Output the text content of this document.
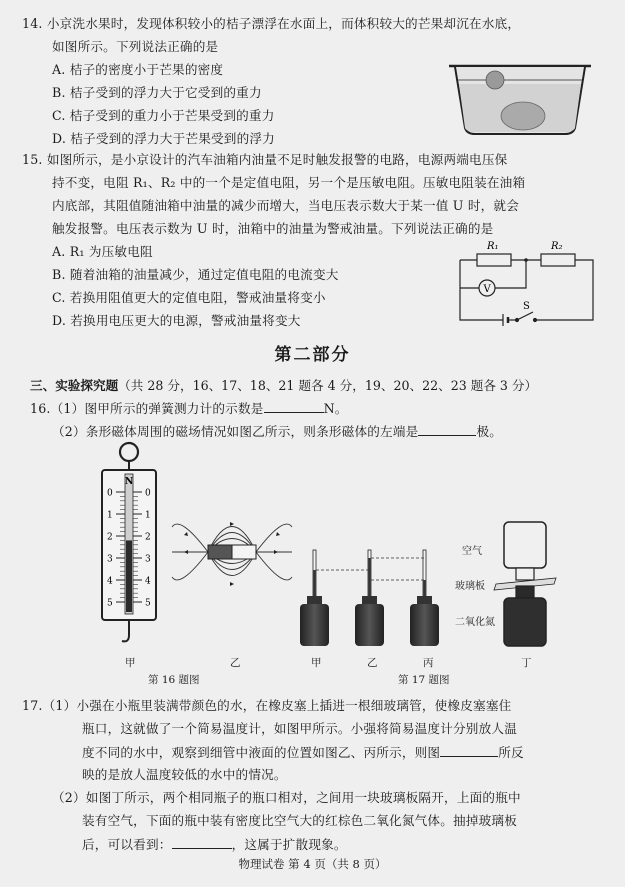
14. 小京洗水果时，发现体积较小的桔子漂浮在水面上，而体积较大的芒果却沉在水底，
如图所示。下列说法正确的是
A. 桔子的密度小于芒果的密度
B. 桔子受到的浮力大于它受到的重力
C. 桔子受到的重力小于芒果受到的重力
D. 桔子受到的浮力大于芒果受到的浮力
15. 如图所示，是小京设计的汽车油箱内油量不足时触发报警的电路，电源两端电压保
持不变，电阻 R₁、R₂ 中的一个是定值电阻，另一个是压敏电阻。压敏电阻装在油箱
内底部，其阻值随油箱中油量的减少而增大，当电压表示数大于某一值 U 时，就会
触发报警。电压表示数为 U 时，油箱中的油量为警戒油量。下列说法正确的是
A. R₁ 为压敏电阻
B. 随着油箱的油量减少，通过定值电阻的电流变大
C. 若换用阻值更大的定值电阻，警戒油量将变小
D. 若换用电压更大的电源，警戒油量将变大
R₁	R₂
V
S
第二部分
三、实验探究题（共 28 分，16、17、18、21 题各 4 分，19、20、22、23 题各 3 分）
16.（1）图甲所示的弹簧测力计的示数是	N。
（2）条形磁体周围的磁场情况如图乙所示，则条形磁体的左端是	极。
0	0
1	1
2	2
3	3
4	4
5	5
N
甲	乙
第 16 题图
甲	乙	丙
空气
玻璃板
二氧化氮
丁
第 17 题图
17.（1）小强在小瓶里装满带颜色的水，在橡皮塞上插进一根细玻璃管，使橡皮塞塞住
瓶口，这就做了一个简易温度计，如图甲所示。小强将简易温度计分别放人温
度不同的水中，观察到细管中液面的位置如图乙、丙所示，则图	所反
映的是放人温度较低的水中的情况。
（2）如图丁所示，两个相同瓶子的瓶口相对，之间用一块玻璃板隔开，上面的瓶中
装有空气，下面的瓶中装有密度比空气大的红棕色二氧化氮气体。抽掉玻璃板
后，可以看到：	，这属于扩散现象。
物理试卷 第 4 页（共 8 页）
